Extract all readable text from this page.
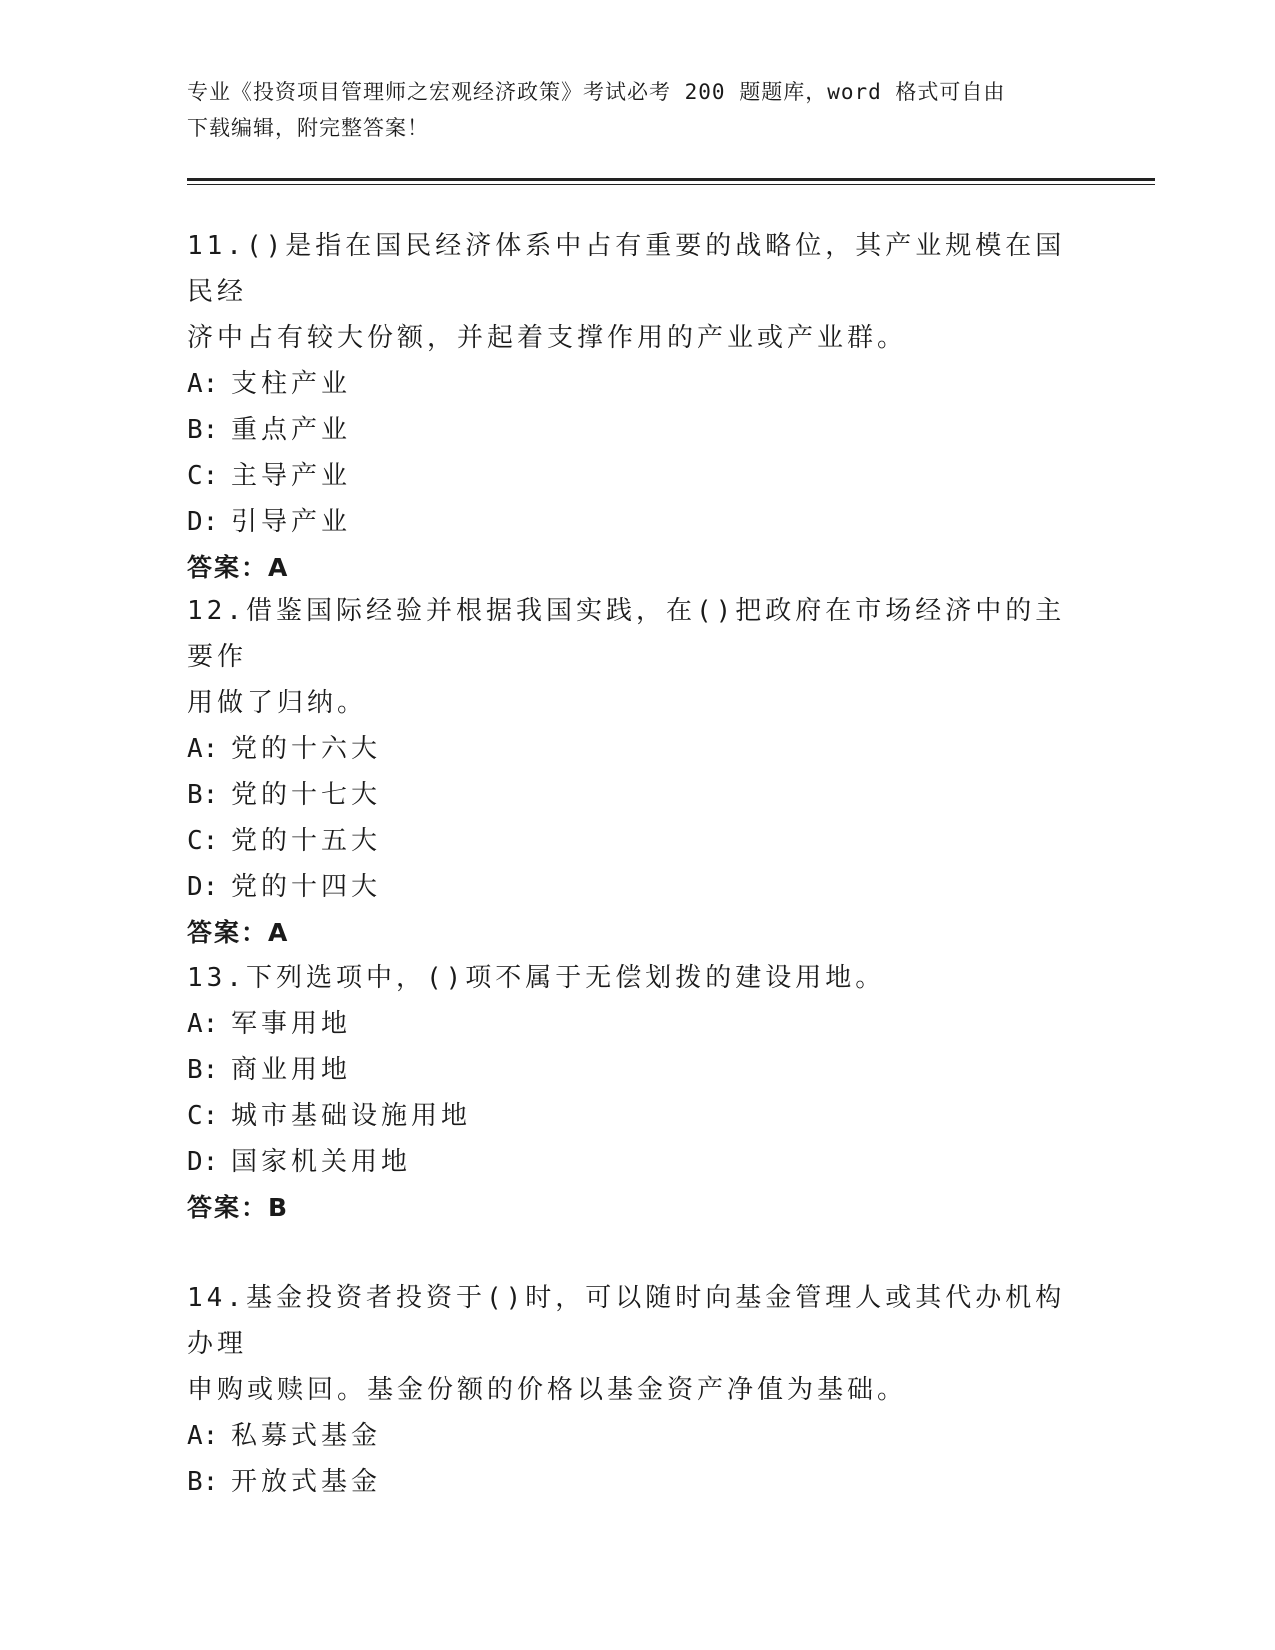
专业《投资项目管理师之宏观经济政策》考试必考 200 题题库，word 格式可自由
下载编辑，附完整答案！

11.()是指在国民经济体系中占有重要的战略位，其产业规模在国民经

济中占有较大份额，并起着支撑作用的产业或产业群。

A: 支柱产业

B: 重点产业

C: 主导产业

D: 引导产业

答案：A

12.借鉴国际经验并根据我国实践，在()把政府在市场经济中的主要作

用做了归纳。

A: 党的十六大

B: 党的十七大

C: 党的十五大

D: 党的十四大

答案：A

13.下列选项中，()项不属于无偿划拨的建设用地。

A: 军事用地

B: 商业用地

C: 城市基础设施用地

D: 国家机关用地

答案：B

14.基金投资者投资于()时，可以随时向基金管理人或其代办机构办理

申购或赎回。基金份额的价格以基金资产净值为基础。

A: 私募式基金

B: 开放式基金
